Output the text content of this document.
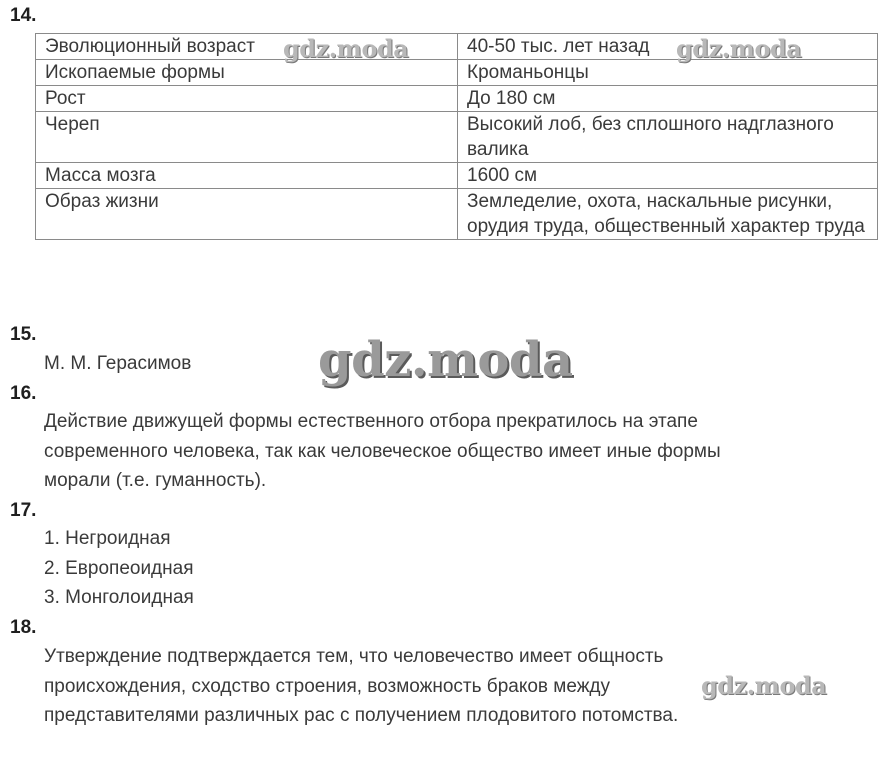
14.
Эволюционный возраст	40-50 тыс. лет назад
Ископаемые формы	Кроманьонцы
Рост	До 180 см
Череп	Высокий лоб, без сплошного надглазного валика
Масса мозга	1600 см
Образ жизни	Земледелие, охота, наскальные рисунки, орудия труда, общественный характер труда
15.
М. М. Герасимов
16.
Действие движущей формы естественного отбора прекратилось на этапе
современного человека, так как человеческое общество имеет иные формы
морали (т.е. гуманность).
17.
1. Негроидная
2. Европеоидная
3. Монголоидная
18.
Утверждение подтверждается тем, что человечество имеет общность
происхождения, сходство строения, возможность браков между
представителями различных рас с получением плодовитого потомства.
gdz.moda	gdz.moda
gdz.moda
gdz.moda
